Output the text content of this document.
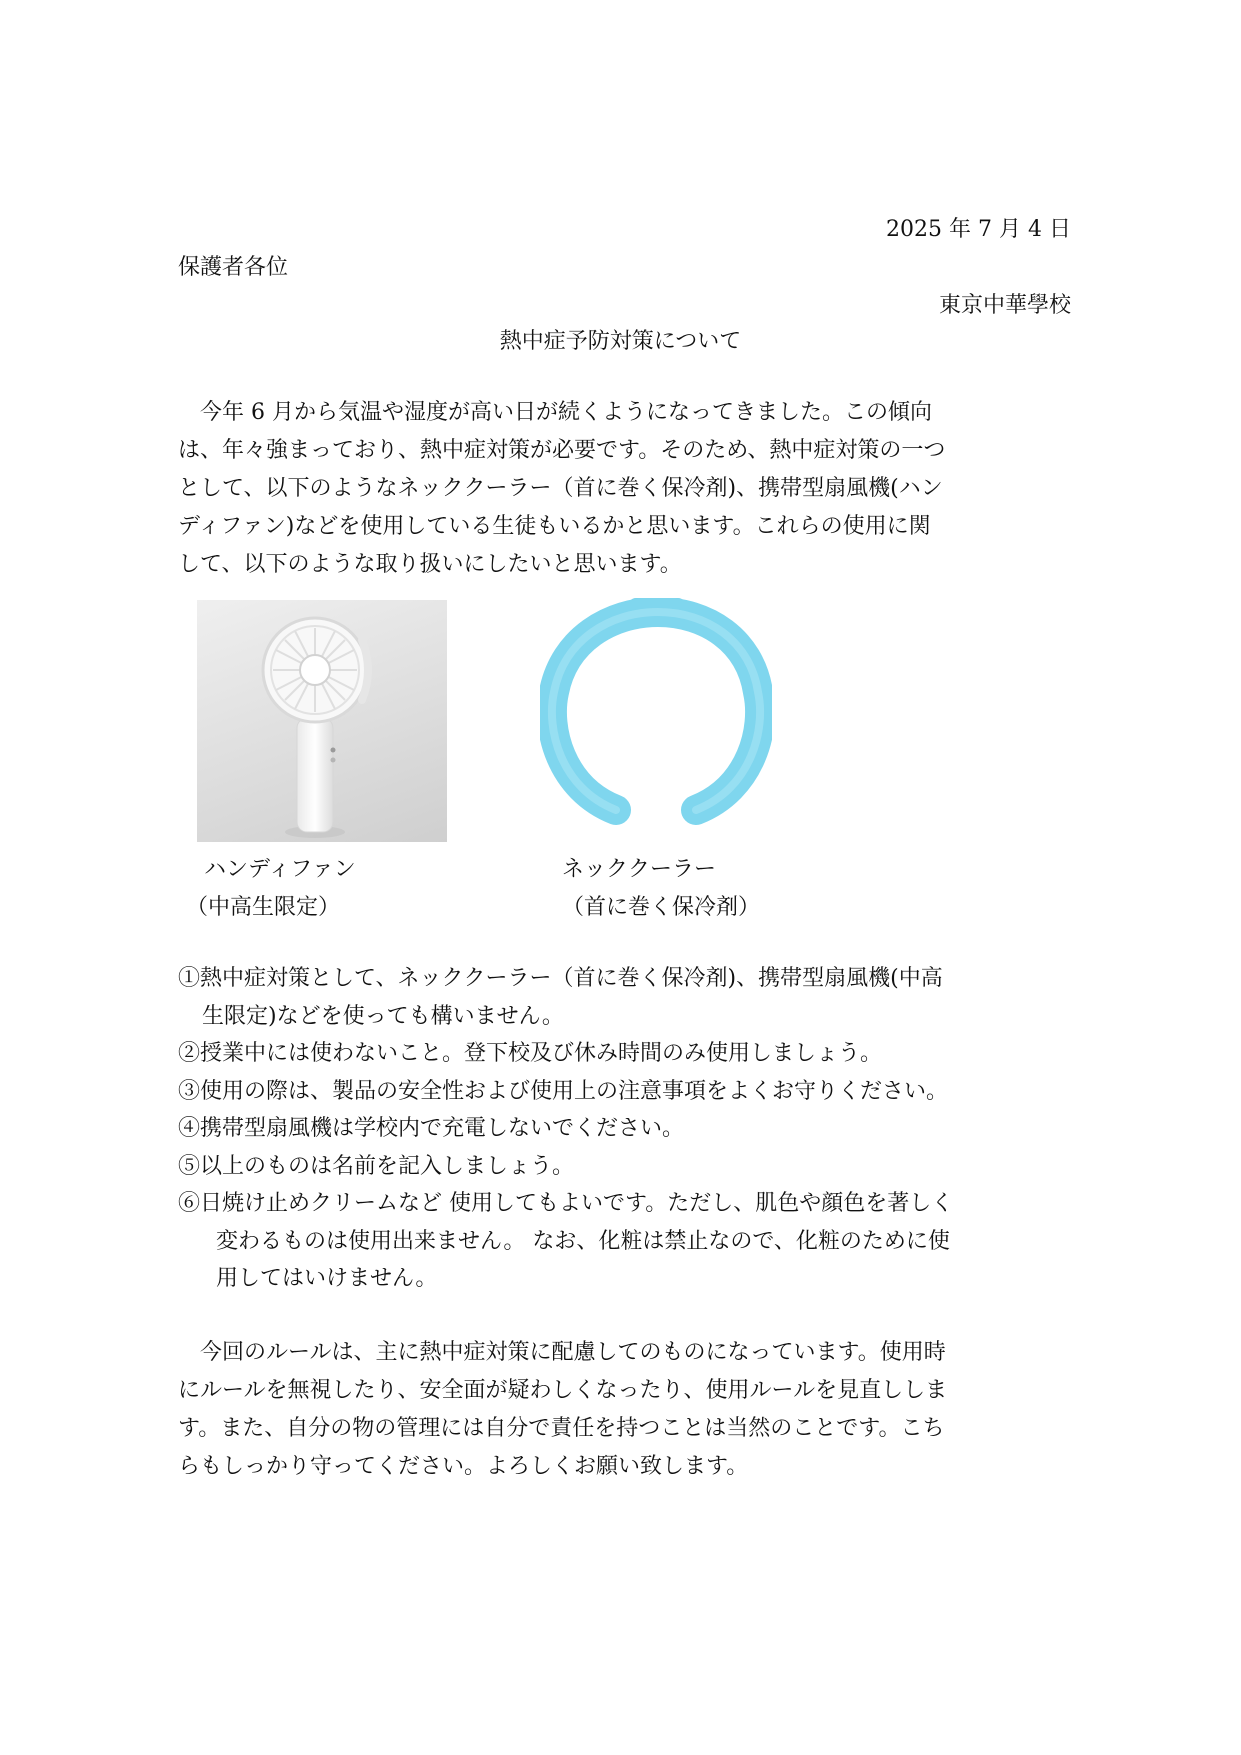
2025 年 7 月 4 日
保護者各位
東京中華學校
熱中症予防対策について
　今年 6 月から気温や湿度が高い日が続くようになってきました。この傾向
は、年々強まっており、熱中症対策が必要です。そのため、熱中症対策の一つ
として、以下のようなネッククーラー（首に巻く保冷剤)、携帯型扇風機(ハン
ディファン)などを使用している生徒もいるかと思います。これらの使用に関
して、以下のような取り扱いにしたいと思います。
ハンディファン
（中高生限定）
ネッククーラー
（首に巻く保冷剤）
①熱中症対策として、ネッククーラー（首に巻く保冷剤)、携帯型扇風機(中高
生限定)などを使っても構いません。
②授業中には使わないこと。登下校及び休み時間のみ使用しましょう。
③使用の際は、製品の安全性および使用上の注意事項をよくお守りください。
④携帯型扇風機は学校内で充電しないでください。
⑤以上のものは名前を記入しましょう。
⑥日焼け止めクリームなど 使用してもよいです。ただし、肌色や顔色を著しく
変わるものは使用出来ません。 なお、化粧は禁止なので、化粧のために使
用してはいけません。
　今回のルールは、主に熱中症対策に配慮してのものになっています。使用時
にルールを無視したり、安全面が疑わしくなったり、使用ルールを見直ししま
す。また、自分の物の管理には自分で責任を持つことは当然のことです。こち
らもしっかり守ってください。よろしくお願い致します。
